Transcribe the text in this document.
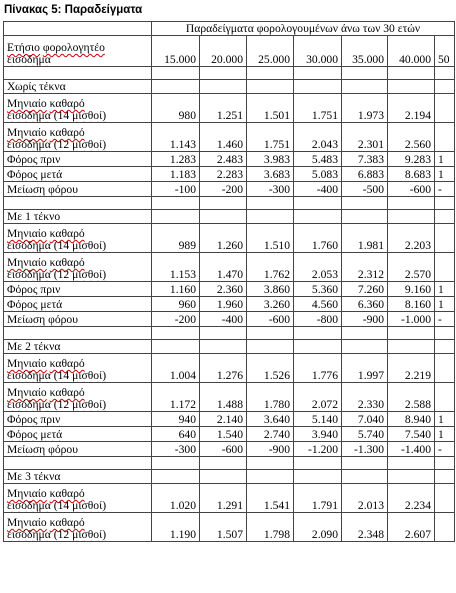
Πίνακας 5: Παραδείγματα
	Παραδείγματα φορολογουμένων άνω των 30 ετών						

Ετήσιο φορολογητέο
εισόδημα	15.000	20.000	25.000	30.000	35.000	40.000	50

Χωρίς τέκνα							

Μηνιαίο καθαρό
εισόδημα (14 μισθοί)	980	1.251	1.501	1.751	1.973	2.194	

Μηνιαίο καθαρό
εισόδημα (12 μισθοί)	1.143	1.460	1.751	2.043	2.301	2.560	

Φόρος πριν	1.283	2.483	3.983	5.483	7.383	9.283	1

Φόρος μετά	1.183	2.283	3.683	5.083	6.883	8.683	1

Μείωση φόρου	-100	-200	-300	-400	-500	-600	-

Με 1 τέκνο							

Μηνιαίο καθαρό
εισόδημα (14 μισθοί)	989	1.260	1.510	1.760	1.981	2.203	

Μηνιαίο καθαρό
εισόδημα (12 μισθοί)	1.153	1.470	1.762	2.053	2.312	2.570	

Φόρος πριν	1.160	2.360	3.860	5.360	7.260	9.160	1

Φόρος μετά	960	1.960	3.260	4.560	6.360	8.160	1

Μείωση φόρου	-200	-400	-600	-800	-900	-1.000	-

Με 2 τέκνα							

Μηνιαίο καθαρό
εισόδημα (14 μισθοί)	1.004	1.276	1.526	1.776	1.997	2.219	

Μηνιαίο καθαρό
εισόδημα (12 μισθοί)	1.172	1.488	1.780	2.072	2.330	2.588	

Φόρος πριν	940	2.140	3.640	5.140	7.040	8.940	1

Φόρος μετά	640	1.540	2.740	3.940	5.740	7.540	1

Μείωση φόρου	-300	-600	-900	-1.200	-1.300	-1.400	-

Με 3 τέκνα							

Μηνιαίο καθαρό
εισόδημα (14 μισθοί)	1.020	1.291	1.541	1.791	2.013	2.234	

Μηνιαίο καθαρό
εισόδημα (12 μισθοί)	1.190	1.507	1.798	2.090	2.348	2.607	
